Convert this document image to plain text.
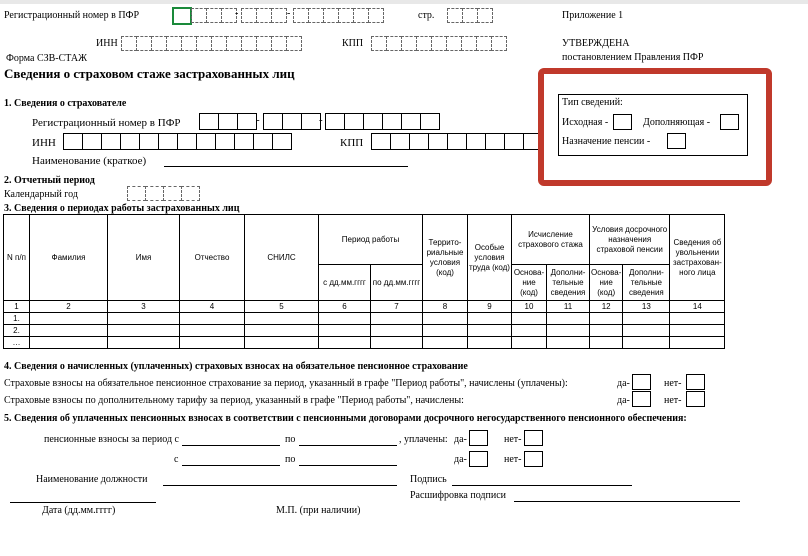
Регистрационный номер в ПФР	-	-	стр.	Приложение 1
ИНН	КПП	УТВЕРЖДЕНА
постановлением Правления ПФР
Форма СЗВ-СТАЖ
Сведения о страховом стаже застрахованных лиц
1. Сведения о страхователе
Регистрационный номер в ПФР	-	-
ИНН	КПП
Наименование (краткое)
Тип сведений:
Исходная -	Дополняющая -
Назначение пенсии -
2. Отчетный период
Календарный год
3. Сведения о периодах работы застрахованных лиц
N п/п	Фамилия	Имя	Отчество	СНИЛС	Период работы		Террито-риальные условия (код)	Особые условия труда (код)	Исчисление страхового стажа		Условия досрочного назначения страховой пенсии		Сведения об увольнении застрахован-ного лица
					с дд.мм.гггг	по дд.мм.гггг			Основа-ние (код)	Дополни-тельные сведения	Основа-ние (код)	Дополни-тельные сведения	
1	2	3	4	5	6	7	8	9	10	11	12	13	14
1.													
2.													
…													
4. Сведения о начисленных (уплаченных) страховых взносах на обязательное пенсионное страхование
Страховые взносы на обязательное пенсионное страхование за период, указанный в графе "Период работы", начислены (уплачены):	да-	нет-
Страховые взносы по дополнительному тарифу за период, указанный в графе "Период работы", начислены:	да-	нет-
5. Сведения об уплаченных пенсионных взносах в соответствии с пенсионными договорами досрочного негосударственного пенсионного обеспечения:
пенсионные взносы за период с	по	, уплачены: да-	нет-
с	по	да-	нет-
Наименование должности	Подпись
Расшифровка подписи
Дата (дд.мм.гггг)	М.П. (при наличии)
